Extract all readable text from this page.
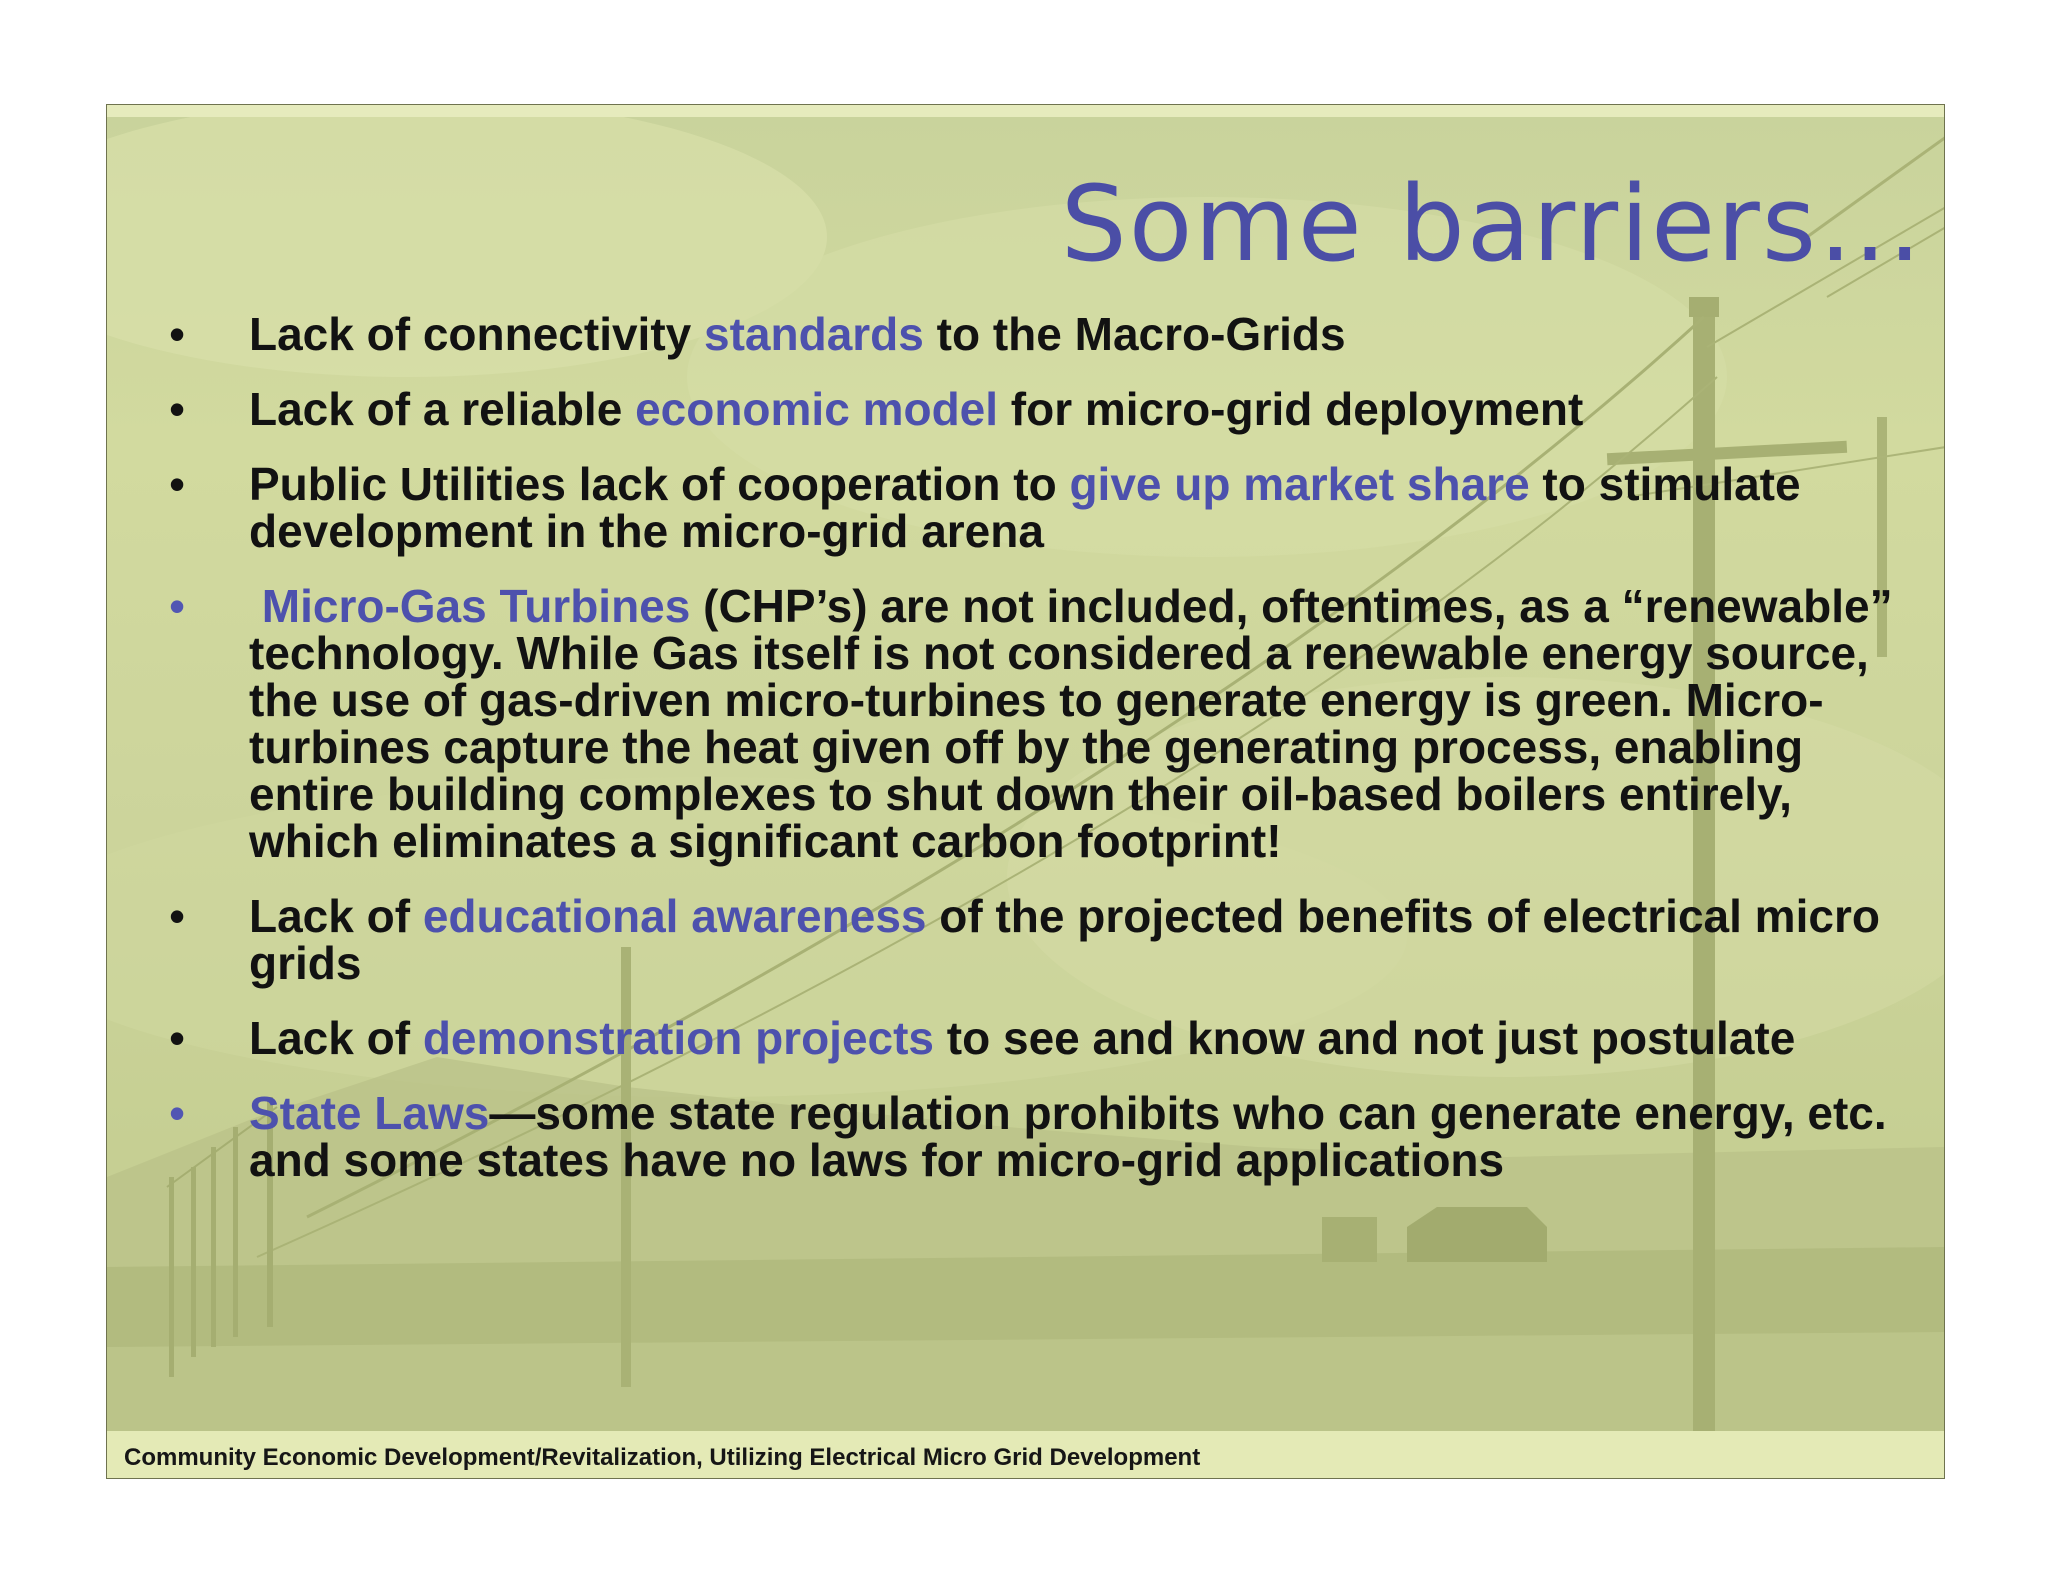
Some barriers…
•	Lack of connectivity standards to the Macro-Grids
•	Lack of a reliable economic model for micro-grid deployment
•	Public Utilities lack of cooperation to give up market share to stimulate development in the micro-grid arena
•	Micro-Gas Turbines (CHP’s) are not included, oftentimes, as a “renewable” technology. While Gas itself is not considered a renewable energy source, the use of gas-driven micro-turbines to generate energy is green. Micro-turbines capture the heat given off by the generating process, enabling entire building complexes to shut down their oil-based boilers entirely, which eliminates a significant carbon footprint!
•	Lack of educational awareness of the projected benefits of electrical micro grids
•	Lack of demonstration projects to see and know and not just postulate
•	State Laws—some state regulation prohibits who can generate energy, etc. and some states have no laws for micro-grid applications

Community Economic Development/Revitalization, Utilizing Electrical Micro Grid Development
